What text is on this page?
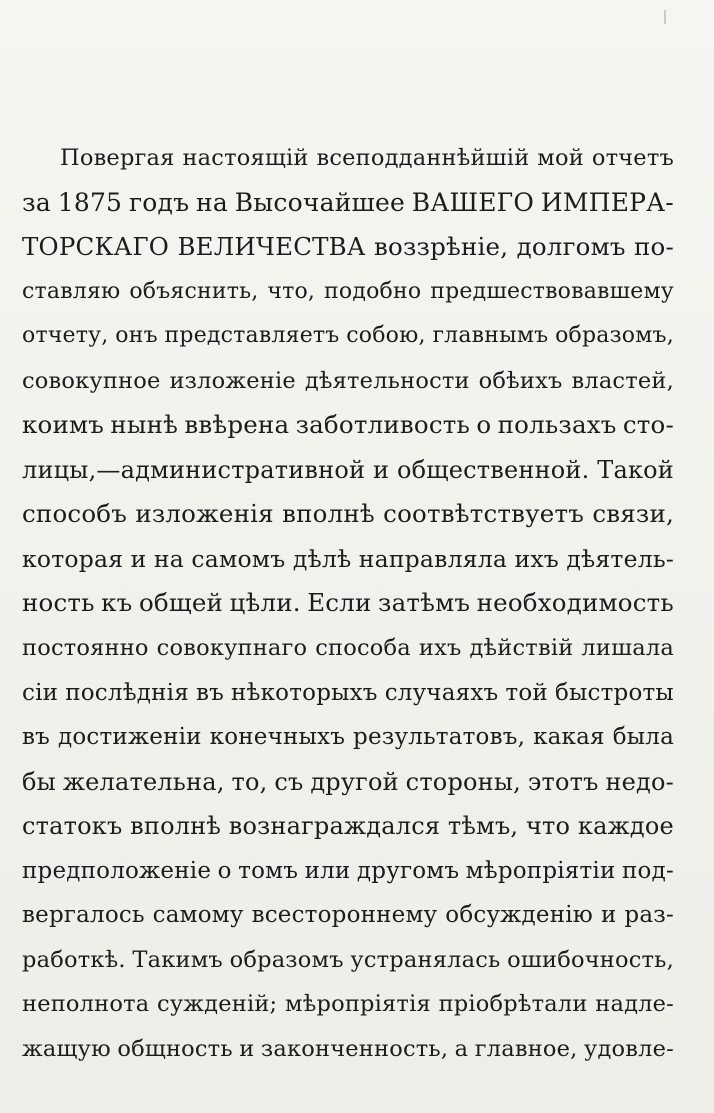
Повергая настоящій всеподданнѣйшій мой отчетъ
за 1875 годъ на Высочайшее ВАШЕГО ИМПЕРА-
ТОРСКАГО ВЕЛИЧЕСТВА воззрѣніе, долгомъ по-
ставляю объяснить, что, подобно предшествовавшему
отчету, онъ представляетъ собою, главнымъ образомъ,
совокупное изложеніе дѣятельности обѣихъ властей,
коимъ нынѣ ввѣрена заботливость о пользахъ сто-
лицы,—административной и общественной. Такой
способъ изложенія вполнѣ соотвѣтствуетъ связи,
которая и на самомъ дѣлѣ направляла ихъ дѣятель-
ность къ общей цѣли. Если затѣмъ необходимость
постоянно совокупнаго способа ихъ дѣйствій лишала
сіи послѣднія въ нѣкоторыхъ случаяхъ той быстроты
въ достиженіи конечныхъ результатовъ, какая была
бы желательна, то, съ другой стороны, этотъ недо-
статокъ вполнѣ вознаграждался тѣмъ, что каждое
предположеніе о томъ или другомъ мѣропріятіи под-
вергалось самому всестороннему обсужденію и раз-
работкѣ. Такимъ образомъ устранялась ошибочность,
неполнота сужденій; мѣропріятія пріобрѣтали надле-
жащую общность и законченность, а главное, удовле-
